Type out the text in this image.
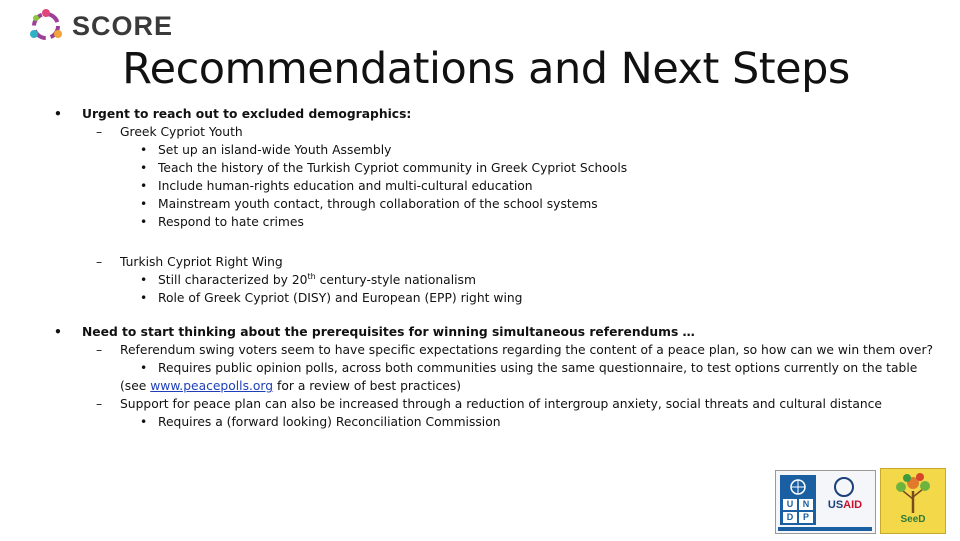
SCORE
Recommendations and Next Steps
• Urgent to reach out to excluded demographics:
– Greek Cypriot Youth
• Set up an island-wide Youth Assembly
• Teach the history of the Turkish Cypriot community in Greek Cypriot Schools
• Include human-rights education and multi-cultural education
• Mainstream youth contact, through collaboration of the school systems
• Respond to hate crimes
– Turkish Cypriot Right Wing
• Still characterized by 20th century-style nationalism
• Role of Greek Cypriot (DISY) and European (EPP) right wing
• Need to start thinking about the prerequisites for winning simultaneous referendums …
– Referendum swing voters seem to have specific expectations regarding the content of a peace plan, so how can we win them over?
• Requires public opinion polls, across both communities using the same questionnaire, to test options currently on the table
(see www.peacepolls.org for a review of best practices)
– Support for peace plan can also be increased through a reduction of intergroup anxiety, social threats and cultural distance
• Requires a (forward looking) Reconciliation Commission
U	N
D	P
USAID
SeeD
